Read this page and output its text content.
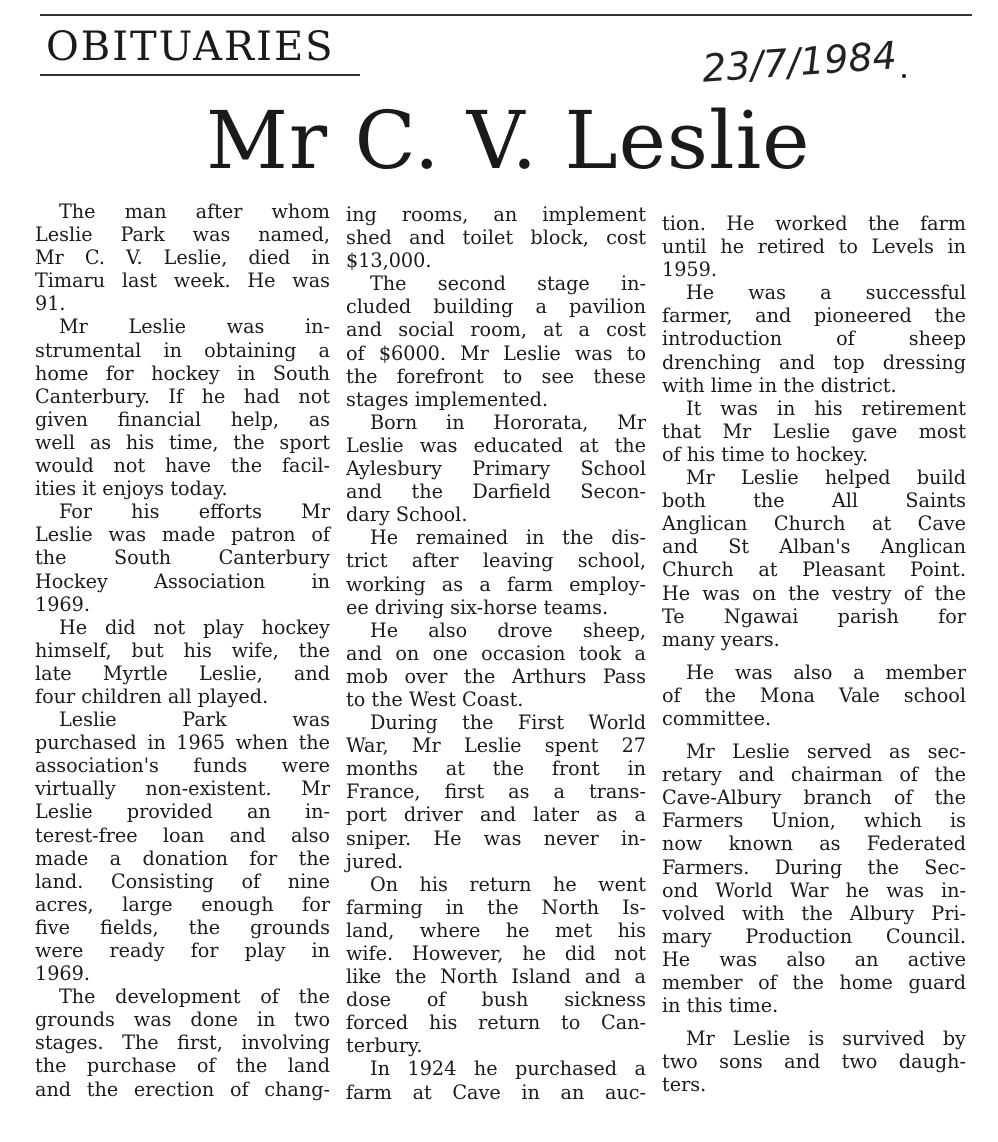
OBITUARIES	23/7/1984
Mr C. V. Leslie
The man after whom
Leslie Park was named,
Mr C. V. Leslie, died in
Timaru last week. He was
91.
Mr Leslie was in-
strumental in obtaining a
home for hockey in South
Canterbury. If he had not
given financial help, as
well as his time, the sport
would not have the facil-
ities it enjoys today.
For his efforts Mr
Leslie was made patron of
the South Canterbury
Hockey Association in
1969.
He did not play hockey
himself, but his wife, the
late Myrtle Leslie, and
four children all played.
Leslie Park was
purchased in 1965 when the
association's funds were
virtually non-existent. Mr
Leslie provided an in-
terest-free loan and also
made a donation for the
land. Consisting of nine
acres, large enough for
five fields, the grounds
were ready for play in
1969.
The development of the
grounds was done in two
stages. The first, involving
the purchase of the land
and the erection of chang-
ing rooms, an implement
shed and toilet block, cost
$13,000.
The second stage in-
cluded building a pavilion
and social room, at a cost
of $6000. Mr Leslie was to
the forefront to see these
stages implemented.
Born in Hororata, Mr
Leslie was educated at the
Aylesbury Primary School
and the Darfield Secon-
dary School.
He remained in the dis-
trict after leaving school,
working as a farm employ-
ee driving six-horse teams.
He also drove sheep,
and on one occasion took a
mob over the Arthurs Pass
to the West Coast.
During the First World
War, Mr Leslie spent 27
months at the front in
France, first as a trans-
port driver and later as a
sniper. He was never in-
jured.
On his return he went
farming in the North Is-
land, where he met his
wife. However, he did not
like the North Island and a
dose of bush sickness
forced his return to Can-
terbury.
In 1924 he purchased a
farm at Cave in an auc-
tion. He worked the farm
until he retired to Levels in
1959.
He was a successful
farmer, and pioneered the
introduction of sheep
drenching and top dressing
with lime in the district.
It was in his retirement
that Mr Leslie gave most
of his time to hockey.
Mr Leslie helped build
both the All Saints
Anglican Church at Cave
and St Alban's Anglican
Church at Pleasant Point.
He was on the vestry of the
Te Ngawai parish for
many years.
He was also a member
of the Mona Vale school
committee.
Mr Leslie served as sec-
retary and chairman of the
Cave-Albury branch of the
Farmers Union, which is
now known as Federated
Farmers. During the Sec-
ond World War he was in-
volved with the Albury Pri-
mary Production Council.
He was also an active
member of the home guard
in this time.
Mr Leslie is survived by
two sons and two daugh-
ters.
